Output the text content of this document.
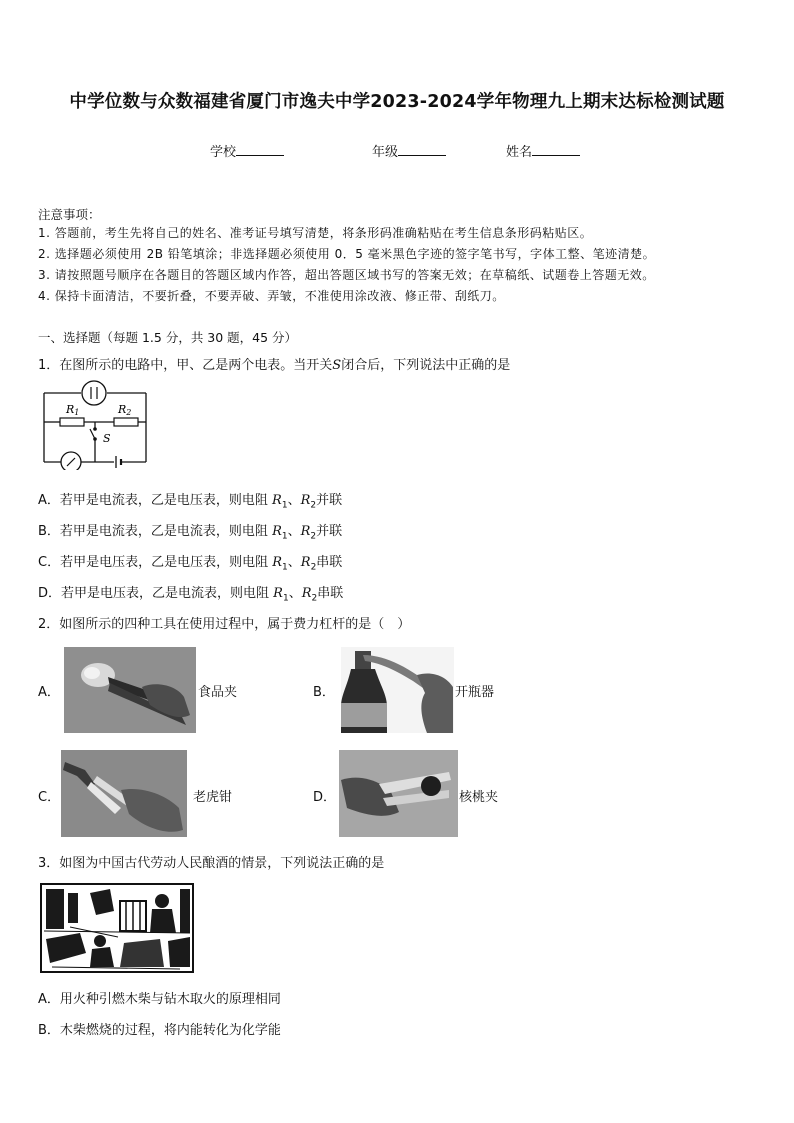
中学位数与众数福建省厦门市逸夫中学2023-2024学年物理九上期末达标检测试题
学校	年级	姓名
注意事项：
1. 答题前，考生先将自己的姓名、准考证号填写清楚，将条形码准确粘贴在考生信息条形码粘贴区。
2. 选择题必须使用 2B 铅笔填涂；非选择题必须使用 0．5 毫米黑色字迹的签字笔书写，字体工整、笔迹清楚。
3. 请按照题号顺序在各题目的答题区域内作答，超出答题区域书写的答案无效；在草稿纸、试题卷上答题无效。
4. 保持卡面清洁，不要折叠，不要弄破、弄皱，不准使用涂改液、修正带、刮纸刀。
一、选择题（每题 1.5 分，共 30 题，45 分）
1．在图所示的电路中，甲、乙是两个电表。当开关S闭合后，下列说法中正确的是
R1	R2
S
A．若甲是电流表，乙是电压表，则电阻 $R_1$、$R_2$并联
B．若甲是电流表，乙是电流表，则电阻 $R_1$、$R_2$并联
C．若甲是电压表，乙是电压表，则电阻 $R_1$、$R_2$串联
D．若甲是电压表，乙是电流表，则电阻 $R_1$、$R_2$串联
2．如图所示的四种工具在使用过程中，属于费力杠杆的是（　）
A．	食品夹	B．	开瓶器
C．	老虎钳	D．	核桃夹
3．如图为中国古代劳动人民酿酒的情景，下列说法正确的是
A．用火种引燃木柴与钻木取火的原理相同
B．木柴燃烧的过程，将内能转化为化学能
